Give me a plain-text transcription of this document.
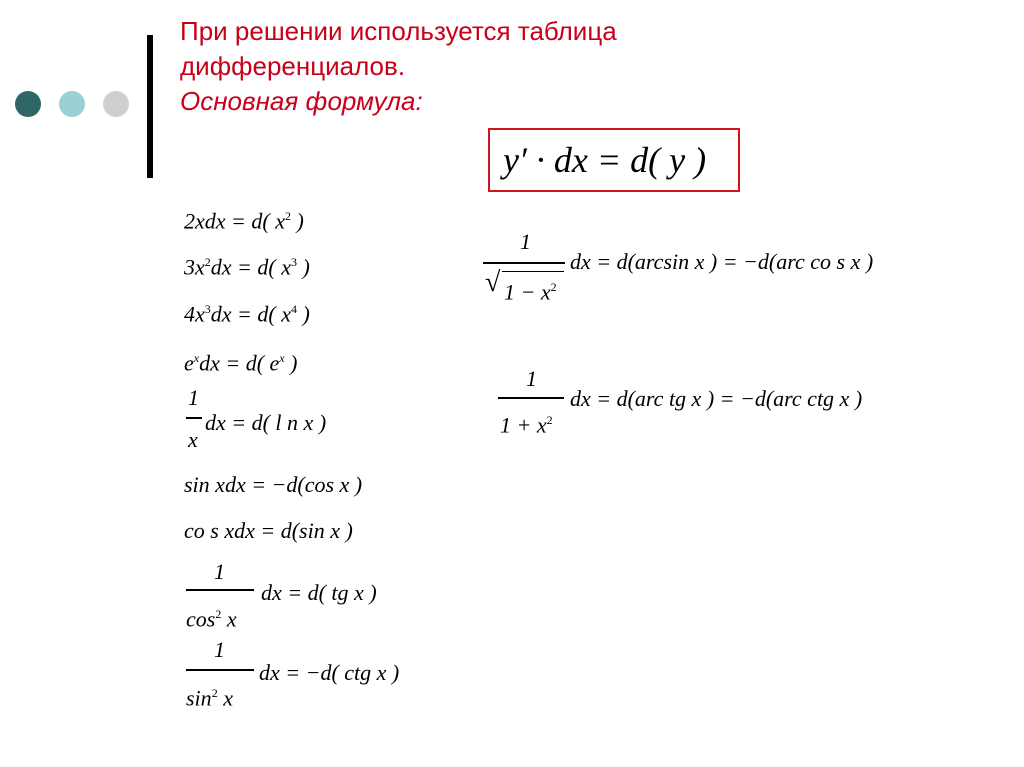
При решении используется таблица
дифференциалов.
Основная формула:
y′ · dx = d( y )
2xdx = d( $x^2$ )
$3x^2dx = d$( $x^3$ )
$4x^3dx = d$( $x^4$ )
$e^xdx = d$( $e^x$ )
1
x
dx = d( l n x )
sin xdx = −d(cos x )
co s xdx = d(sin x )
1
$\cos^2 x$
dx = d( tg x )
1
$\sin^2 x$
dx = −d( ctg x )
1
√ $1 - x^2$
dx = d(arcsin x ) = −d(arc co s x )
1
$1 + x^2$
dx = d(arc tg x ) = −d(arc ctg x )
